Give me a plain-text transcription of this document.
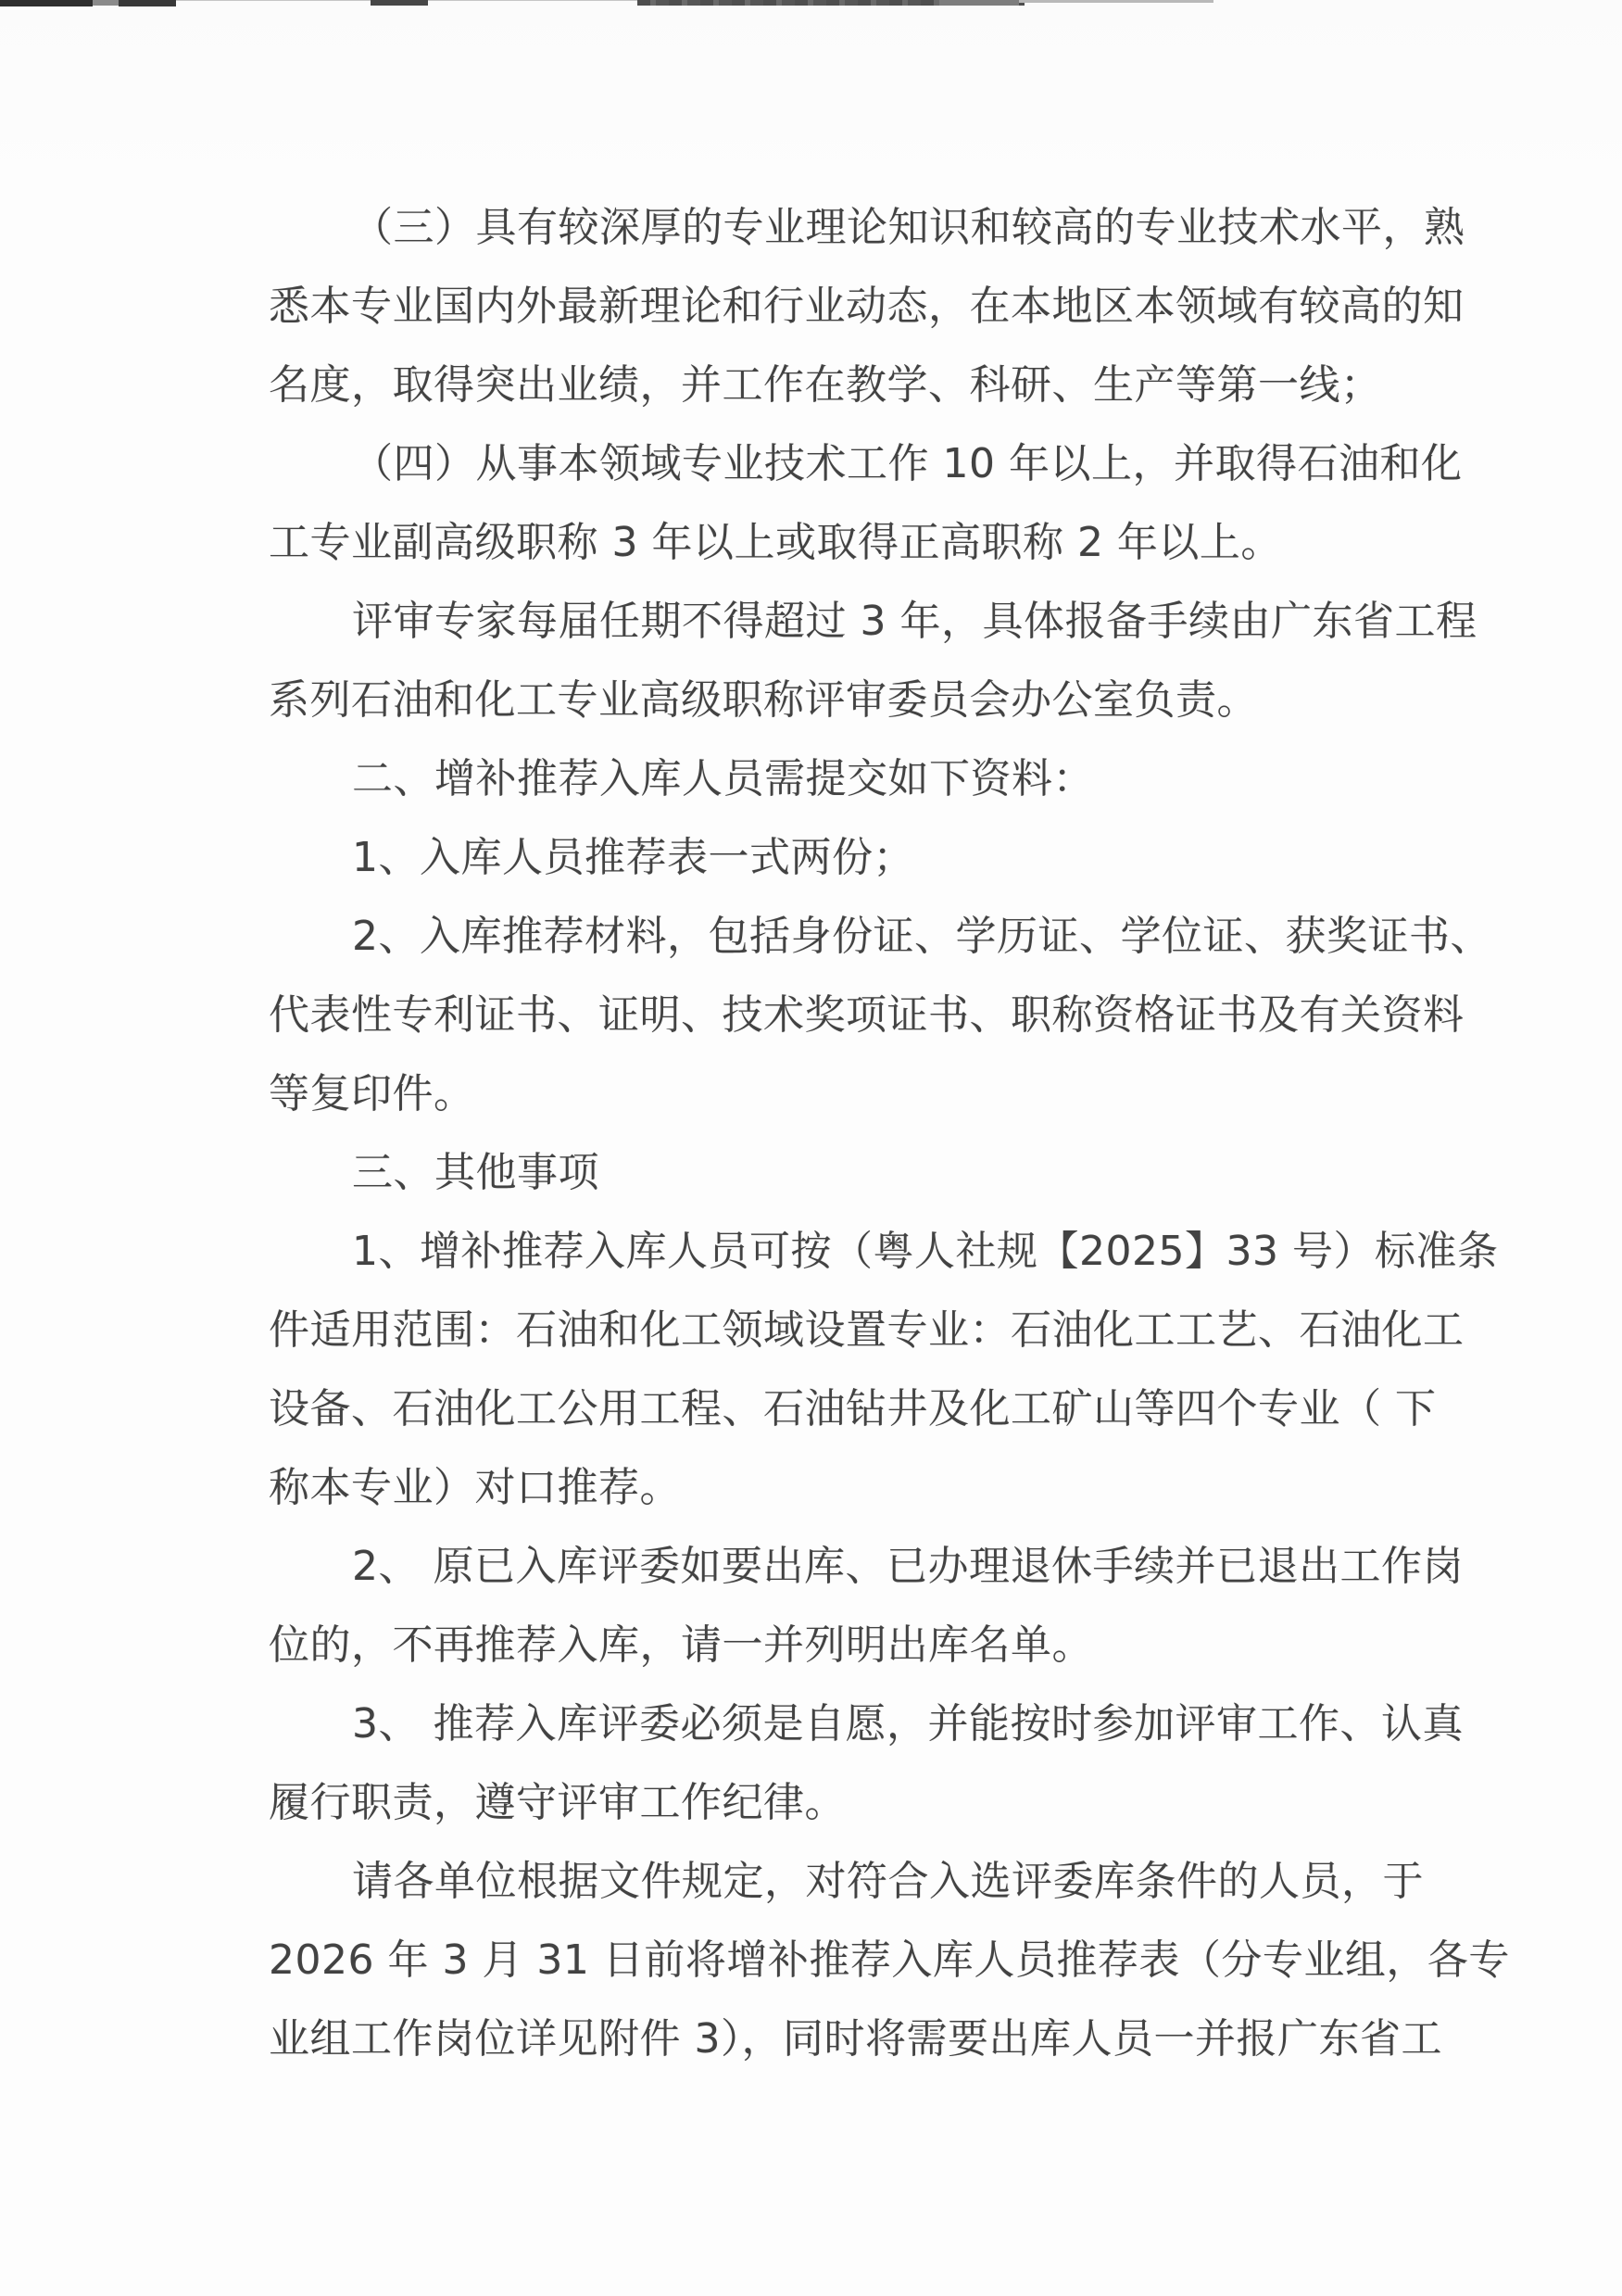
（三）具有较深厚的专业理论知识和较高的专业技术水平，熟

悉本专业国内外最新理论和行业动态，在本地区本领域有较高的知

名度，取得突出业绩，并工作在教学、科研、生产等第一线；

（四）从事本领域专业技术工作 10 年以上，并取得石油和化

工专业副高级职称 3 年以上或取得正高职称 2 年以上。

评审专家每届任期不得超过 3 年，具体报备手续由广东省工程

系列石油和化工专业高级职称评审委员会办公室负责。

二、增补推荐入库人员需提交如下资料：

1、入库人员推荐表一式两份；

2、入库推荐材料，包括身份证、学历证、学位证、获奖证书、

代表性专利证书、证明、技术奖项证书、职称资格证书及有关资料

等复印件。

三、其他事项

1、增补推荐入库人员可按（粤人社规【2025】33 号）标准条

件适用范围：石油和化工领域设置专业：石油化工工艺、石油化工

设备、石油化工公用工程、石油钻井及化工矿山等四个专业（ 下

称本专业）对口推荐。

2、 原已入库评委如要出库、已办理退休手续并已退出工作岗

位的，不再推荐入库，请一并列明出库名单。

3、 推荐入库评委必须是自愿，并能按时参加评审工作、认真

履行职责，遵守评审工作纪律。

请各单位根据文件规定，对符合入选评委库条件的人员，于

2026 年 3 月 31 日前将增补推荐入库人员推荐表（分专业组，各专

业组工作岗位详见附件 3），同时将需要出库人员一并报广东省工
